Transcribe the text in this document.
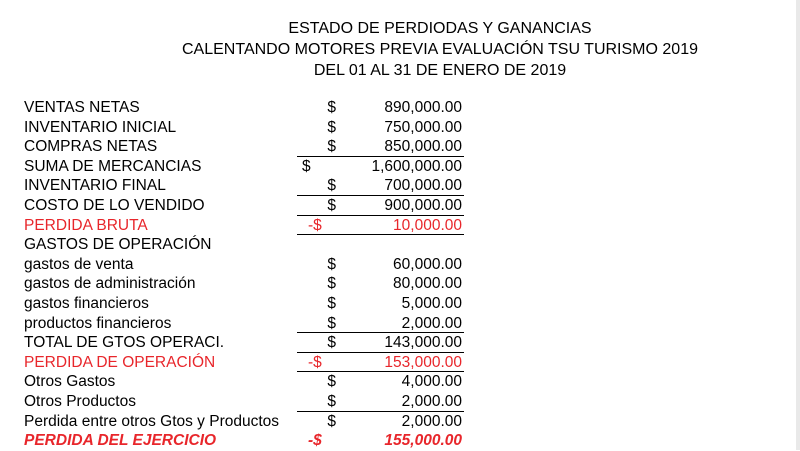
ESTADO DE PERDIODAS Y GANANCIAS
CALENTANDO MOTORES PREVIA EVALUACIÓN TSU TURISMO 2019
DEL 01 AL 31 DE ENERO DE 2019
VENTAS NETAS	$	890,000.00
INVENTARIO INICIAL	$	750,000.00
COMPRAS NETAS	$	850,000.00
SUMA DE MERCANCIAS	$	1,600,000.00
INVENTARIO FINAL	$	700,000.00
COSTO DE LO VENDIDO	$	900,000.00
PERDIDA BRUTA	-$	10,000.00
GASTOS DE OPERACIÓN
gastos de venta	$	60,000.00
gastos de administración	$	80,000.00
gastos financieros	$	5,000.00
productos financieros	$	2,000.00
TOTAL DE GTOS OPERACI.	$	143,000.00
PERDIDA DE OPERACIÓN	-$	153,000.00
Otros Gastos	$	4,000.00
Otros Productos	$	2,000.00
Perdida entre otros Gtos y Productos	$	2,000.00
PERDIDA DEL EJERCICIO	-$	155,000.00
